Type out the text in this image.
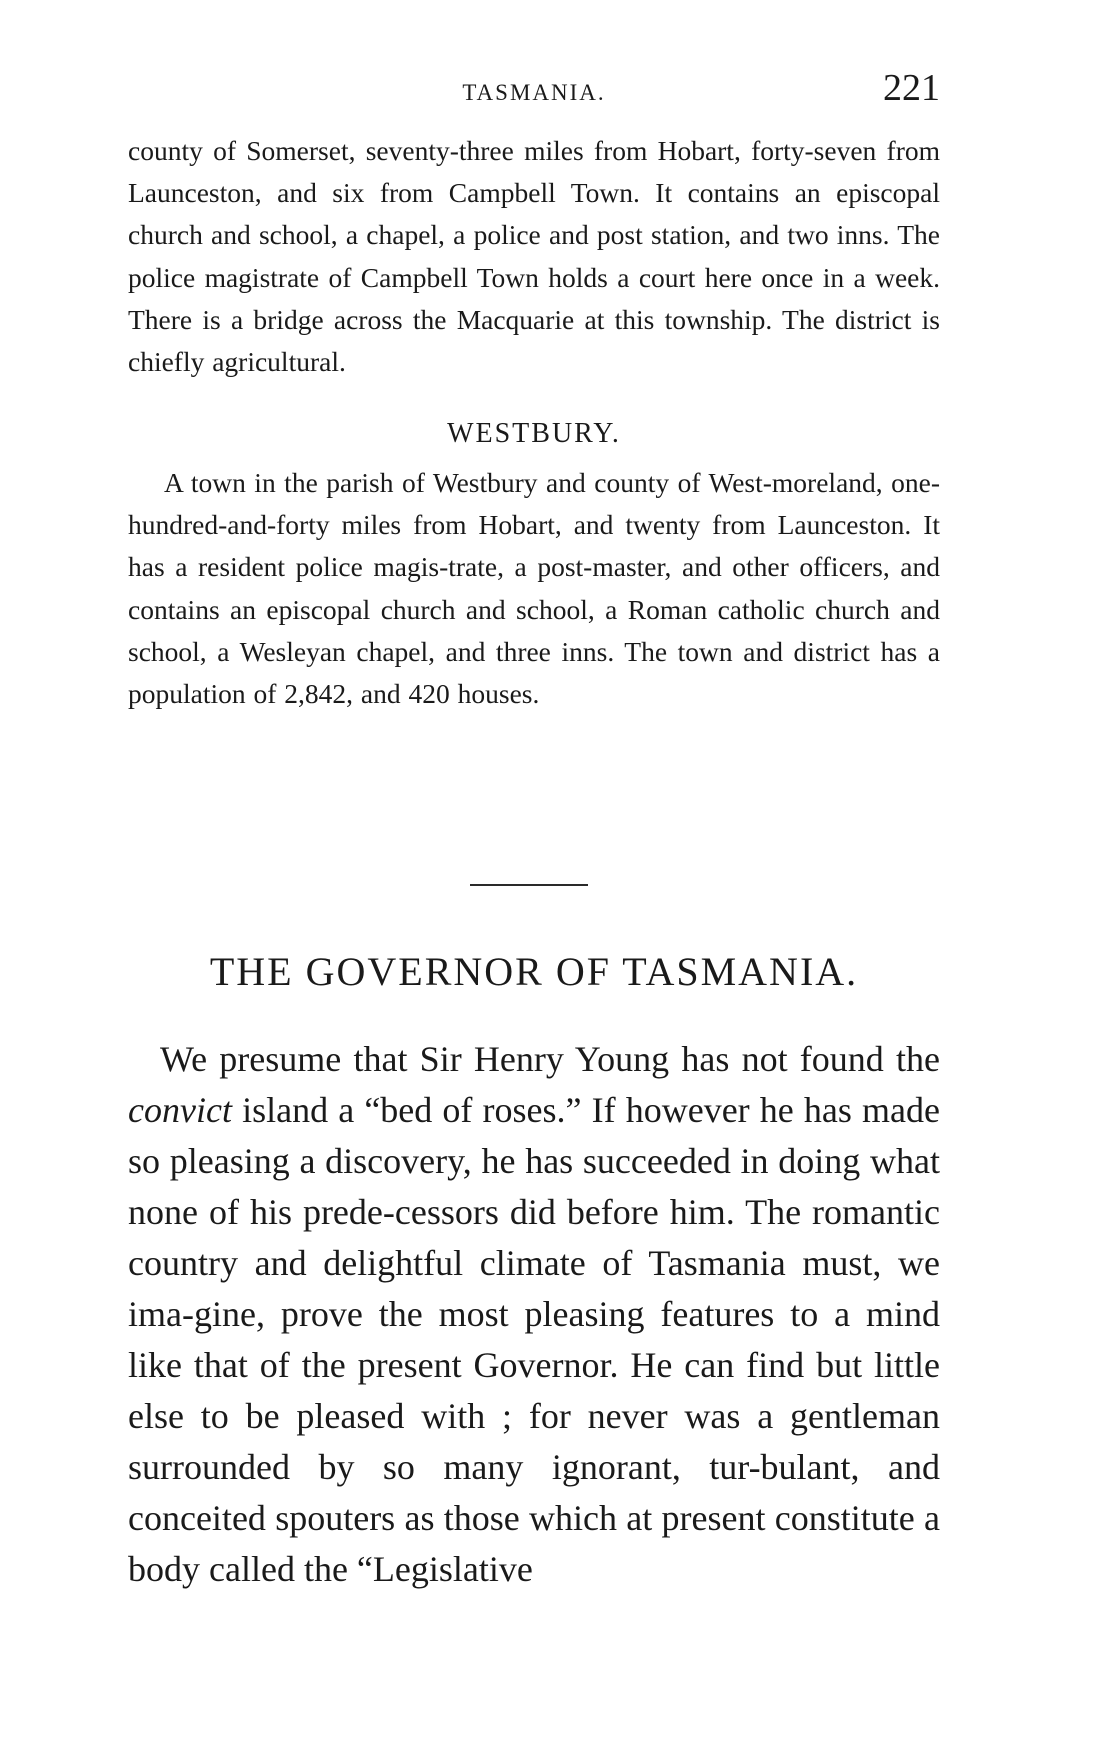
TASMANIA.	221

county of Somerset, seventy-three miles from Hobart, forty-seven from Launceston, and six from Campbell Town. It contains an episcopal church and school, a chapel, a police and post station, and two inns. The police magistrate of Campbell Town holds a court here once in a week. There is a bridge across the Macquarie at this township. The district is chiefly agricultural.

WESTBURY.

A town in the parish of Westbury and county of West-moreland, one-hundred-and-forty miles from Hobart, and twenty from Launceston. It has a resident police magis-trate, a post-master, and other officers, and contains an episcopal church and school, a Roman catholic church and school, a Wesleyan chapel, and three inns. The town and district has a population of 2,842, and 420 houses.

THE GOVERNOR OF TASMANIA.

We presume that Sir Henry Young has not found the convict island a “bed of roses.” If however he has made so pleasing a discovery, he has succeeded in doing what none of his prede-cessors did before him. The romantic country and delightful climate of Tasmania must, we ima-gine, prove the most pleasing features to a mind like that of the present Governor. He can find but little else to be pleased with ; for never was a gentleman surrounded by so many ignorant, tur-bulant, and conceited spouters as those which at present constitute a body called the “Legislative
